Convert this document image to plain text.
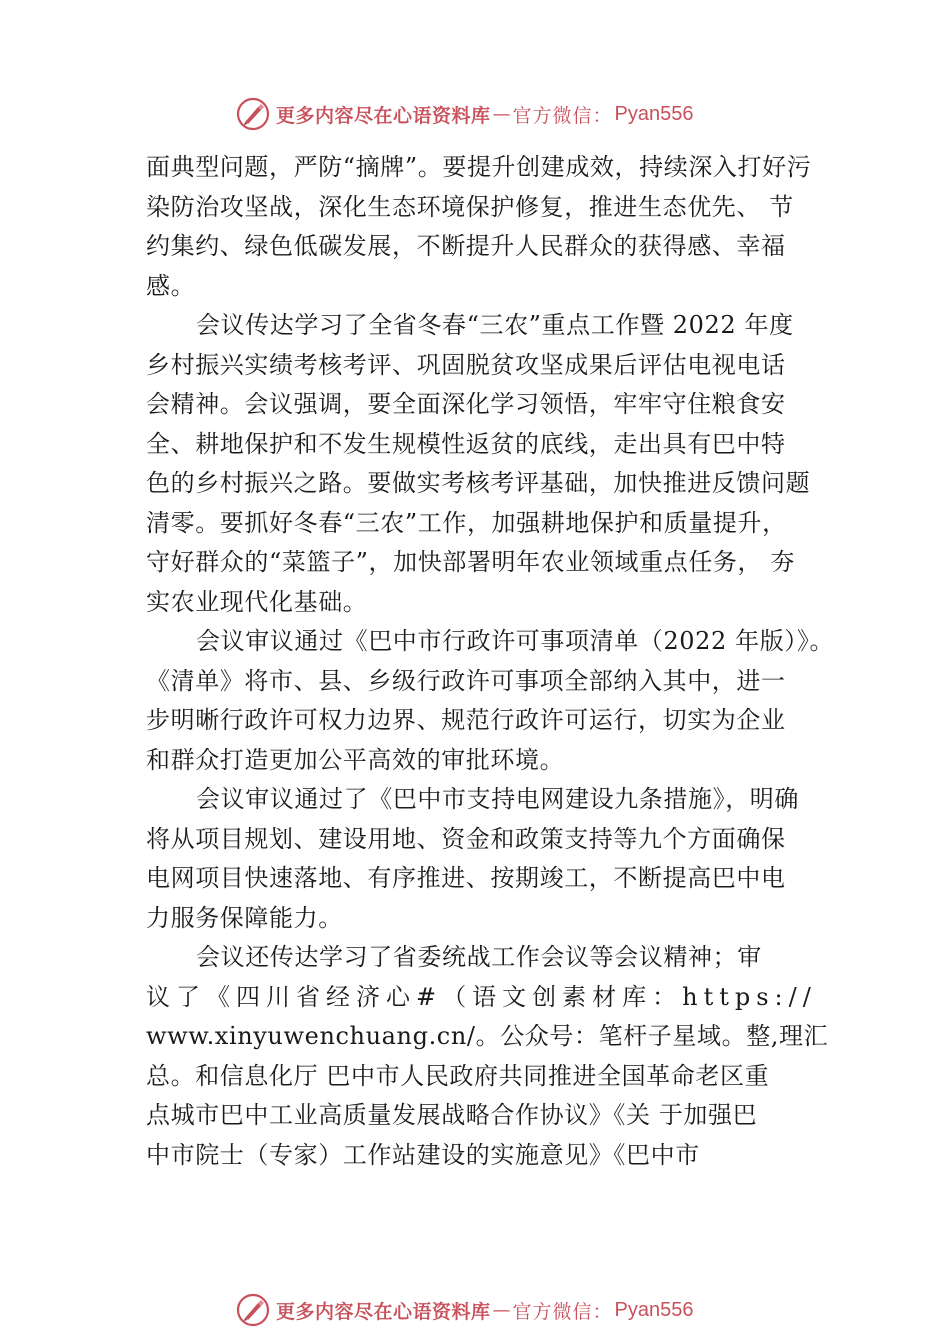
更多内容尽在心语资料库 — 官方微信： Pyan556
面典型问题，严防“摘牌”。要提升创建成效，持续深入打好污
染防治攻坚战，深化生态环境保护修复，推进生态优先、 节
约集约、绿色低碳发展，不断提升人民群众的获得感、幸福
感。
会议传达学习了全省冬春“三农”重点工作暨 2022 年度
乡村振兴实绩考核考评、巩固脱贫攻坚成果后评估电视电话
会精神。会议强调，要全面深化学习领悟，牢牢守住粮食安
全、耕地保护和不发生规模性返贫的底线，走出具有巴中特
色的乡村振兴之路。要做实考核考评基础，加快推进反馈问题
清零。要抓好冬春“三农”工作，加强耕地保护和质量提升，
守好群众的“菜篮子”，加快部署明年农业领域重点任务， 夯
实农业现代化基础。
会议审议通过《巴中市行政许可事项清单（2022 年版）》。
《清单》将市、县、乡级行政许可事项全部纳入其中，进一
步明晰行政许可权力边界、规范行政许可运行，切实为企业
和群众打造更加公平高效的审批环境。
会议审议通过了《巴中市支持电网建设九条措施》，明确
将从项目规划、建设用地、资金和政策支持等九个方面确保
电网项目快速落地、有序推进、按期竣工，不断提高巴中电
力服务保障能力。
会议还传达学习了省委统战工作会议等会议精神；审
议了《四川省经济心#（语文创素材库：https://
www.xinyuwenchuang.cn/。公众号：笔杆子星域。整,理汇
总。和信息化厅 巴中市人民政府共同推进全国革命老区重
点城市巴中工业高质量发展战略合作协议》《关 于加强巴
中市院士（专家）工作站建设的实施意见》《巴中市
更多内容尽在心语资料库 — 官方微信： Pyan556
